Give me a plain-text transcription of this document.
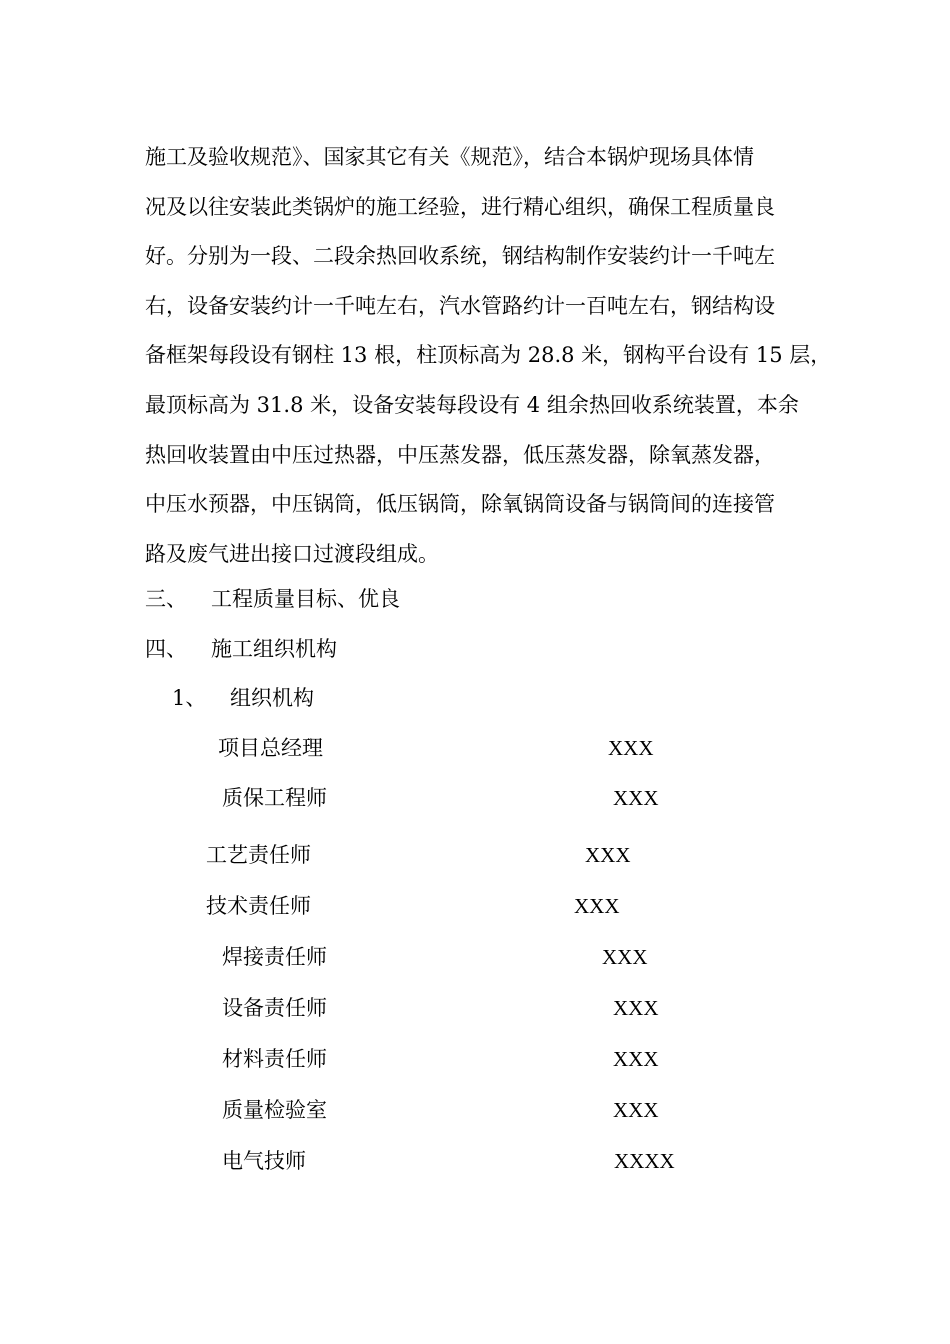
施工及验收规范》、国家其它有关《规范》，结合本锅炉现场具体情
况及以往安装此类锅炉的施工经验，进行精心组织，确保工程质量良
好。分别为一段、二段余热回收系统，钢结构制作安装约计一千吨左
右，设备安装约计一千吨左右，汽水管路约计一百吨左右，钢结构设
备框架每段设有钢柱 13 根，柱顶标高为 28.8 米，钢构平台设有 15 层，
最顶标高为 31.8 米，设备安装每段设有 4 组余热回收系统装置，本余
热回收装置由中压过热器，中压蒸发器，低压蒸发器，除氧蒸发器，
中压水预器，中压锅筒，低压锅筒，除氧锅筒设备与锅筒间的连接管
路及废气进出接口过渡段组成。

三、 工程质量目标、优良
四、 施工组织机构
1、 组织机构
项目总经理	XXX
质保工程师	XXX
工艺责任师	XXX
技术责任师	XXX
焊接责任师	XXX
设备责任师	XXX
材料责任师	XXX
质量检验室	XXX
电气技师	XXXX
